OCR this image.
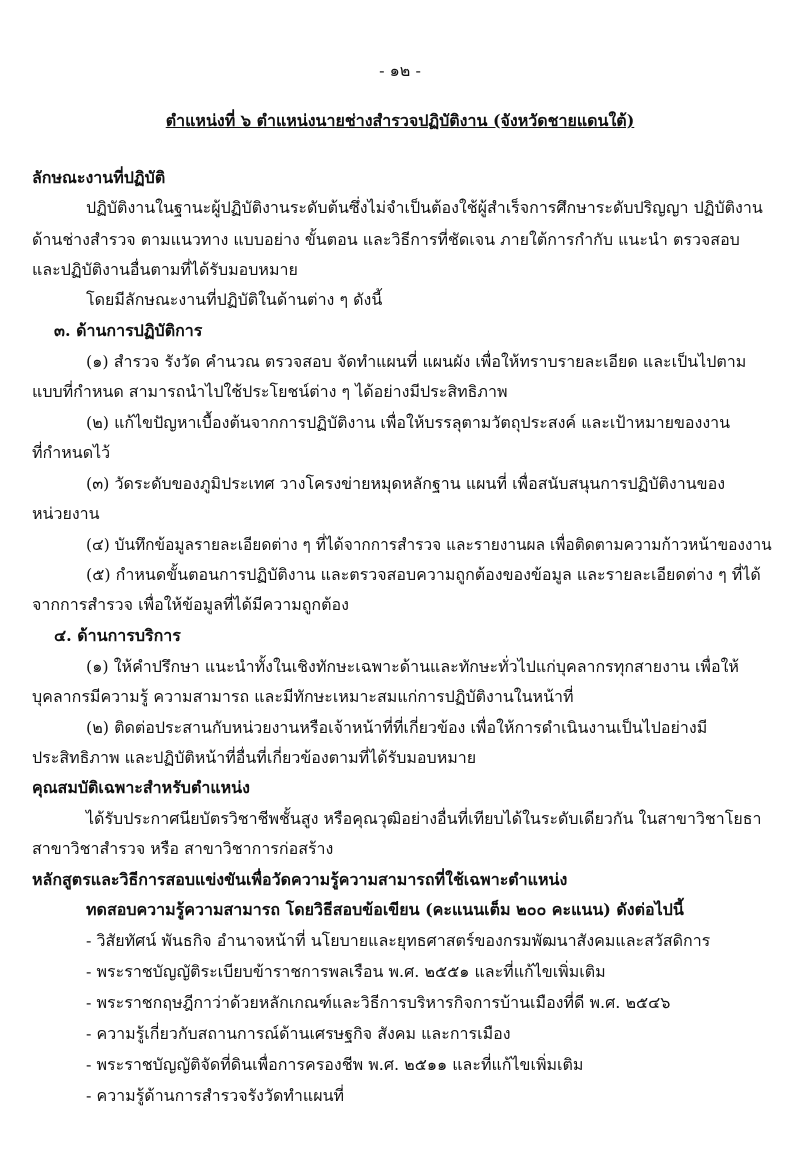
- ๑๒ -
ตำแหน่งที่ ๖ ตำแหน่งนายช่างสำรวจปฏิบัติงาน (จังหวัดชายแดนใต้)
ลักษณะงานที่ปฏิบัติ
ปฏิบัติงานในฐานะผู้ปฏิบัติงานระดับต้นซึ่งไม่จำเป็นต้องใช้ผู้สำเร็จการศึกษาระดับปริญญา ปฏิบัติงาน
ด้านช่างสำรวจ ตามแนวทาง แบบอย่าง ขั้นตอน และวิธีการที่ชัดเจน ภายใต้การกำกับ แนะนำ ตรวจสอบ
และปฏิบัติงานอื่นตามที่ได้รับมอบหมาย
โดยมีลักษณะงานที่ปฏิบัติในด้านต่าง ๆ ดังนี้
๓. ด้านการปฏิบัติการ
(๑) สำรวจ รังวัด คำนวณ ตรวจสอบ จัดทำแผนที่ แผนผัง เพื่อให้ทราบรายละเอียด และเป็นไปตาม
แบบที่กำหนด สามารถนำไปใช้ประโยชน์ต่าง ๆ ได้อย่างมีประสิทธิภาพ
(๒) แก้ไขปัญหาเบื้องต้นจากการปฏิบัติงาน เพื่อให้บรรลุตามวัตถุประสงค์ และเป้าหมายของงาน
ที่กำหนดไว้
(๓) วัดระดับของภูมิประเทศ วางโครงข่ายหมุดหลักฐาน แผนที่ เพื่อสนับสนุนการปฏิบัติงานของ
หน่วยงาน
(๔) บันทึกข้อมูลรายละเอียดต่าง ๆ ที่ได้จากการสำรวจ และรายงานผล เพื่อติดตามความก้าวหน้าของงาน
(๕) กำหนดขั้นตอนการปฏิบัติงาน และตรวจสอบความถูกต้องของข้อมูล และรายละเอียดต่าง ๆ ที่ได้
จากการสำรวจ เพื่อให้ข้อมูลที่ได้มีความถูกต้อง
๔. ด้านการบริการ
(๑) ให้คำปรึกษา แนะนำทั้งในเชิงทักษะเฉพาะด้านและทักษะทั่วไปแก่บุคลากรทุกสายงาน เพื่อให้
บุคลากรมีความรู้ ความสามารถ และมีทักษะเหมาะสมแก่การปฏิบัติงานในหน้าที่
(๒) ติดต่อประสานกับหน่วยงานหรือเจ้าหน้าที่ที่เกี่ยวข้อง เพื่อให้การดำเนินงานเป็นไปอย่างมี
ประสิทธิภาพ และปฏิบัติหน้าที่อื่นที่เกี่ยวข้องตามที่ได้รับมอบหมาย
คุณสมบัติเฉพาะสำหรับตำแหน่ง
ได้รับประกาศนียบัตรวิชาชีพชั้นสูง หรือคุณวุฒิอย่างอื่นที่เทียบได้ในระดับเดียวกัน ในสาขาวิชาโยธา
สาขาวิชาสำรวจ หรือ สาขาวิชาการก่อสร้าง
หลักสูตรและวิธีการสอบแข่งขันเพื่อวัดความรู้ความสามารถที่ใช้เฉพาะตำแหน่ง
ทดสอบความรู้ความสามารถ โดยวิธีสอบข้อเขียน (คะแนนเต็ม ๒๐๐ คะแนน) ดังต่อไปนี้
- วิสัยทัศน์ พันธกิจ อำนาจหน้าที่ นโยบายและยุทธศาสตร์ของกรมพัฒนาสังคมและสวัสดิการ
- พระราชบัญญัติระเบียบข้าราชการพลเรือน พ.ศ. ๒๕๕๑ และที่แก้ไขเพิ่มเติม
- พระราชกฤษฎีกาว่าด้วยหลักเกณฑ์และวิธีการบริหารกิจการบ้านเมืองที่ดี พ.ศ. ๒๕๔๖
- ความรู้เกี่ยวกับสถานการณ์ด้านเศรษฐกิจ สังคม และการเมือง
- พระราชบัญญัติจัดที่ดินเพื่อการครองชีพ พ.ศ. ๒๕๑๑ และที่แก้ไขเพิ่มเติม
- ความรู้ด้านการสำรวจรังวัดทำแผนที่
